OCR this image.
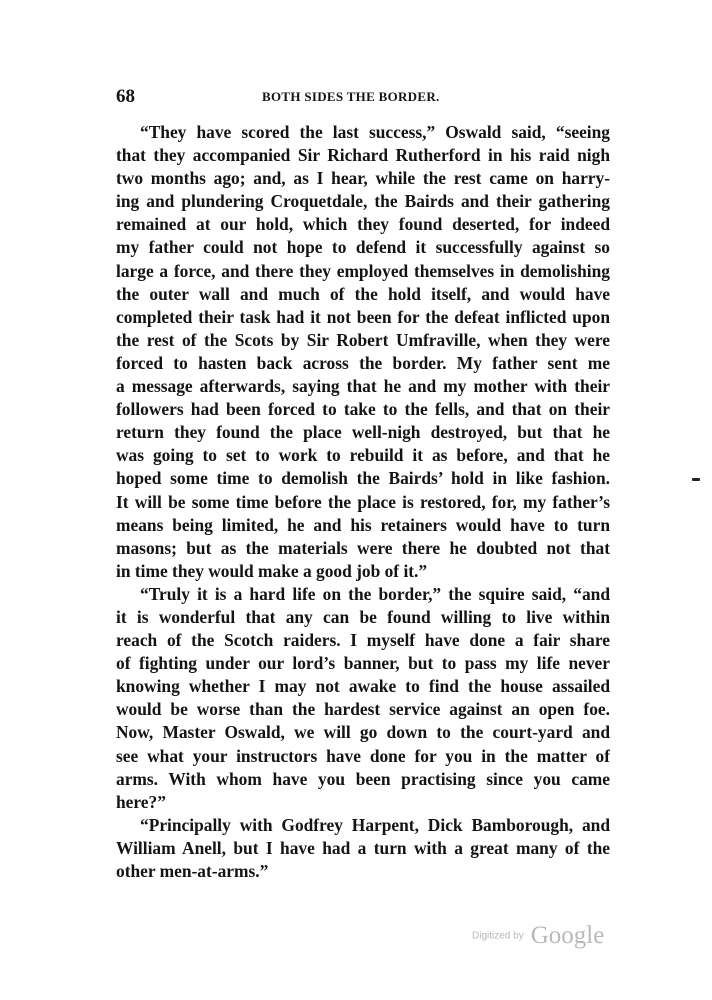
68	BOTH SIDES THE BORDER.
“They have scored the last success,” Oswald said, “seeing
that they accompanied Sir Richard Rutherford in his raid nigh
two months ago; and, as I hear, while the rest came on harry-
ing and plundering Croquetdale, the Bairds and their gathering
remained at our hold, which they found deserted, for indeed
my father could not hope to defend it successfully against so
large a force, and there they employed themselves in demolishing
the outer wall and much of the hold itself, and would have
completed their task had it not been for the defeat inflicted upon
the rest of the Scots by Sir Robert Umfraville, when they were
forced to hasten back across the border. My father sent me
a message afterwards, saying that he and my mother with their
followers had been forced to take to the fells, and that on their
return they found the place well-nigh destroyed, but that he
was going to set to work to rebuild it as before, and that he
hoped some time to demolish the Bairds’ hold in like fashion.
It will be some time before the place is restored, for, my father’s
means being limited, he and his retainers would have to turn
masons; but as the materials were there he doubted not that
in time they would make a good job of it.”
“Truly it is a hard life on the border,” the squire said, “and
it is wonderful that any can be found willing to live within
reach of the Scotch raiders. I myself have done a fair share
of fighting under our lord’s banner, but to pass my life never
knowing whether I may not awake to find the house assailed
would be worse than the hardest service against an open foe.
Now, Master Oswald, we will go down to the court-yard and
see what your instructors have done for you in the matter of
arms. With whom have you been practising since you came
here?”
“Principally with Godfrey Harpent, Dick Bamborough, and
William Anell, but I have had a turn with a great many of the
other men-at-arms.”
Digitized by Google
